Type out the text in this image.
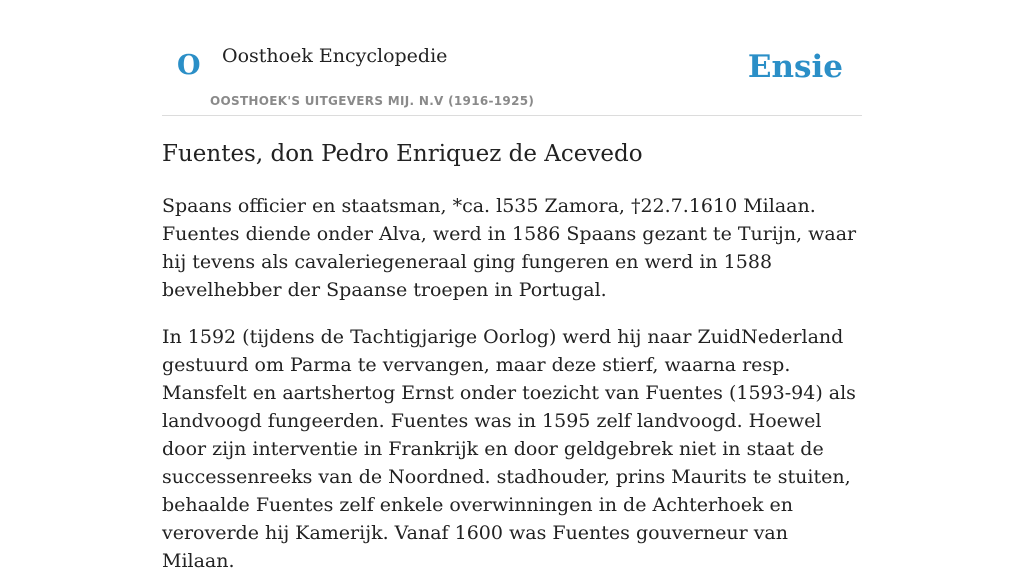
O Oosthoek Encyclopedie
OOSTHOEK'S UITGEVERS MIJ. N.V (1916-1925)
Ensie
Fuentes, don Pedro Enriquez de Acevedo

Spaans officier en staatsman, *ca. l535 Zamora, †22.7.1610 Milaan. Fuentes diende onder Alva, werd in 1586 Spaans gezant te Turijn, waar hij tevens als cavaleriegeneraal ging fungeren en werd in 1588 bevelhebber der Spaanse troepen in Portugal.

In 1592 (tijdens de Tachtigjarige Oorlog) werd hij naar ZuidNederland gestuurd om Parma te vervangen, maar deze stierf, waarna resp. Mansfelt en aartshertog Ernst onder toezicht van Fuentes (1593-94) als landvoogd fungeerden. Fuentes was in 1595 zelf landvoogd. Hoewel door zijn interventie in Frankrijk en door geldgebrek niet in staat de successenreeks van de Noordned. stadhouder, prins Maurits te stuiten, behaalde Fuentes zelf enkele overwinningen in de Achterhoek en veroverde hij Kamerijk. Vanaf 1600 was Fuentes gouverneur van Milaan.
